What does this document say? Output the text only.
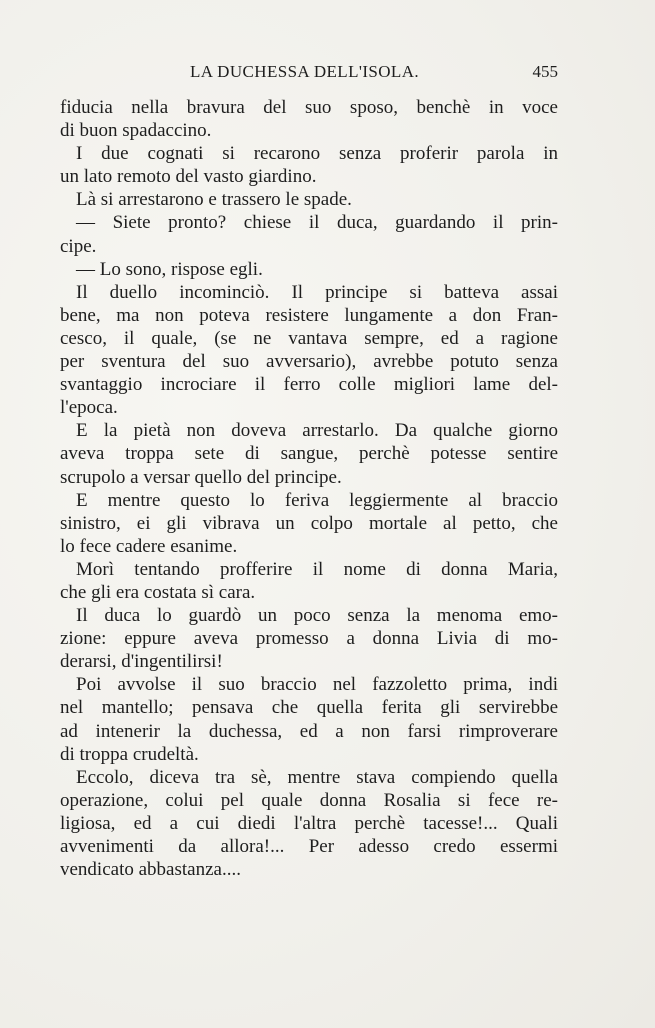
LA DUCHESSA DELL'ISOLA.	455
fiducia nella bravura del suo sposo, benchè in voce
di buon spadaccino.
I due cognati si recarono senza proferir parola in
un lato remoto del vasto giardino.
Là si arrestarono e trassero le spade.
— Siete pronto? chiese il duca, guardando il prin-
cipe.
— Lo sono, rispose egli.
Il duello incominciò. Il principe si batteva assai
bene, ma non poteva resistere lungamente a don Fran-
cesco, il quale, (se ne vantava sempre, ed a ragione
per sventura del suo avversario), avrebbe potuto senza
svantaggio incrociare il ferro colle migliori lame del-
l'epoca.
E la pietà non doveva arrestarlo. Da qualche giorno
aveva troppa sete di sangue, perchè potesse sentire
scrupolo a versar quello del principe.
E mentre questo lo feriva leggiermente al braccio
sinistro, ei gli vibrava un colpo mortale al petto, che
lo fece cadere esanime.
Morì tentando profferire il nome di donna Maria,
che gli era costata sì cara.
Il duca lo guardò un poco senza la menoma emo-
zione: eppure aveva promesso a donna Livia di mo-
derarsi, d'ingentilirsi!
Poi avvolse il suo braccio nel fazzoletto prima, indi
nel mantello; pensava che quella ferita gli servirebbe
ad intenerir la duchessa, ed a non farsi rimproverare
di troppa crudeltà.
Eccolo, diceva tra sè, mentre stava compiendo quella
operazione, colui pel quale donna Rosalia si fece re-
ligiosa, ed a cui diedi l'altra perchè tacesse!... Quali
avvenimenti da allora!... Per adesso credo essermi
vendicato abbastanza....
